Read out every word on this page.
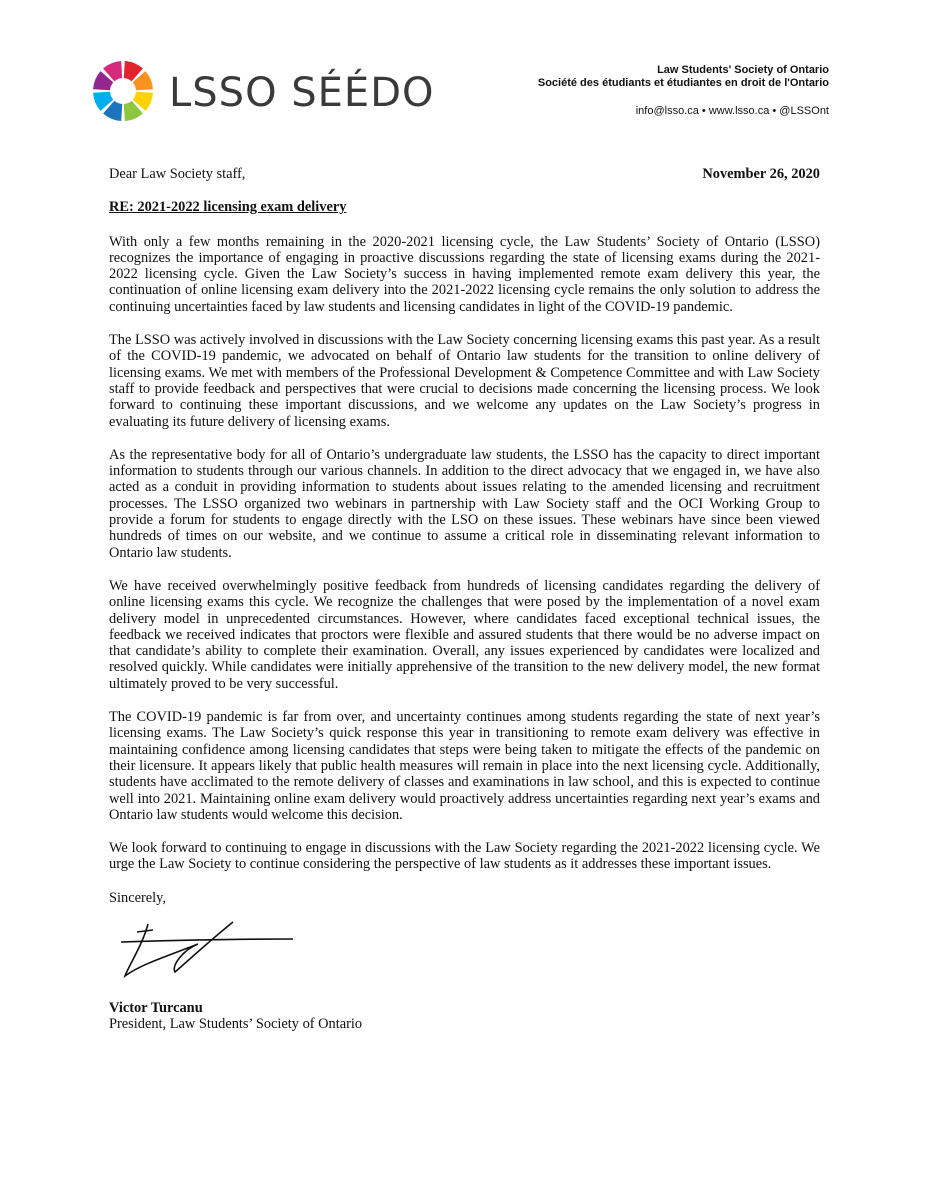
LSSO SÉÉDO	Law Students' Society of Ontario
Société des étudiants et étudiantes en droit de l'Ontario
info@lsso.ca • www.lsso.ca • @LSSOnt
Dear Law Society staff,	November 26, 2020
RE: 2021-2022 licensing exam delivery

With only a few months remaining in the 2020-2021 licensing cycle, the Law Students’ Society of Ontario (LSSO) recognizes the importance of engaging in proactive discussions regarding the state of licensing exams during the 2021-2022 licensing cycle. Given the Law Society’s success in having implemented remote exam delivery this year, the continuation of online licensing exam delivery into the 2021-2022 licensing cycle remains the only solution to address the continuing uncertainties faced by law students and licensing candidates in light of the COVID-19 pandemic.

The LSSO was actively involved in discussions with the Law Society concerning licensing exams this past year. As a result of the COVID-19 pandemic, we advocated on behalf of Ontario law students for the transition to online delivery of licensing exams. We met with members of the Professional Development & Competence Committee and with Law Society staff to provide feedback and perspectives that were crucial to decisions made concerning the licensing process. We look forward to continuing these important discussions, and we welcome any updates on the Law Society’s progress in evaluating its future delivery of licensing exams.

As the representative body for all of Ontario’s undergraduate law students, the LSSO has the capacity to direct important information to students through our various channels. In addition to the direct advocacy that we engaged in, we have also acted as a conduit in providing information to students about issues relating to the amended licensing and recruitment processes. The LSSO organized two webinars in partnership with Law Society staff and the OCI Working Group to provide a forum for students to engage directly with the LSO on these issues. These webinars have since been viewed hundreds of times on our website, and we continue to assume a critical role in disseminating relevant information to Ontario law students.

We have received overwhelmingly positive feedback from hundreds of licensing candidates regarding the delivery of online licensing exams this cycle. We recognize the challenges that were posed by the implementation of a novel exam delivery model in unprecedented circumstances. However, where candidates faced exceptional technical issues, the feedback we received indicates that proctors were flexible and assured students that there would be no adverse impact on that candidate’s ability to complete their examination. Overall, any issues experienced by candidates were localized and resolved quickly. While candidates were initially apprehensive of the transition to the new delivery model, the new format ultimately proved to be very successful.

The COVID-19 pandemic is far from over, and uncertainty continues among students regarding the state of next year’s licensing exams. The Law Society’s quick response this year in transitioning to remote exam delivery was effective in maintaining confidence among licensing candidates that steps were being taken to mitigate the effects of the pandemic on their licensure. It appears likely that public health measures will remain in place into the next licensing cycle. Additionally, students have acclimated to the remote delivery of classes and examinations in law school, and this is expected to continue well into 2021. Maintaining online exam delivery would proactively address uncertainties regarding next year’s exams and Ontario law students would welcome this decision.

We look forward to continuing to engage in discussions with the Law Society regarding the 2021-2022 licensing cycle. We urge the Law Society to continue considering the perspective of law students as it addresses these important issues.

Sincerely,
Victor Turcanu
President, Law Students’ Society of Ontario
